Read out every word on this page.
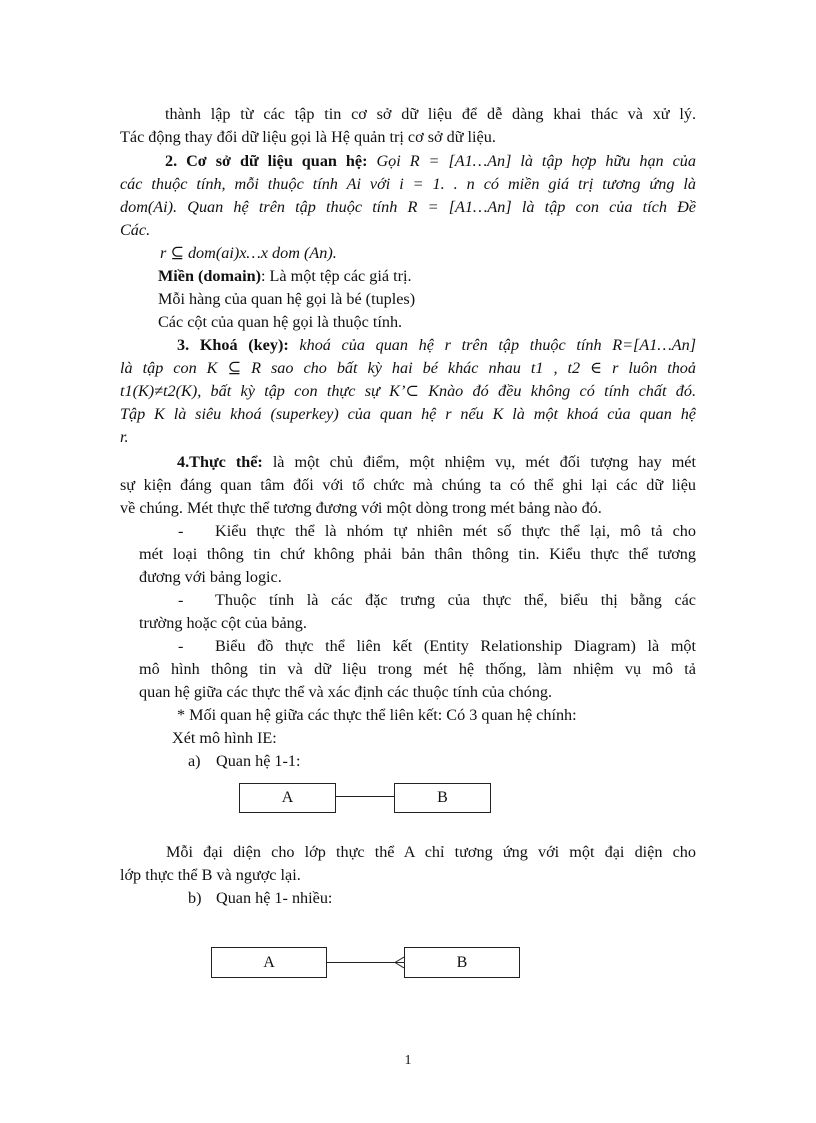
thành lập từ các tập tin cơ sở dữ liệu để dễ dàng khai thác và xử lý.
Tác động thay đổi dữ liệu gọi là Hệ quản trị cơ sở dữ liệu.
2. Cơ sở dữ liệu quan hệ: Gọi R = [A1…An] là tập hợp hữu hạn của
các thuộc tính, mỗi thuộc tính Ai với i = 1. . n có miền giá trị tương ứng là
dom(Ai). Quan hệ trên tập thuộc tính R = [A1…An] là tập con của tích Đề
Các.
r ⊆ dom(ai)x…x dom (An).
Miền (domain): Là một tệp các giá trị.
Mỗi hàng của quan hệ gọi là bé (tuples)
Các cột của quan hệ gọi là thuộc tính.
3. Khoá (key): khoá của quan hệ r trên tập thuộc tính R=[A1…An]
là tập con K ⊆ R sao cho bất kỳ hai bé khác nhau t1 , t2 ∈ r luôn thoả
t1(K)≠t2(K), bất kỳ tập con thực sự K’⊂ Knào đó đều không có tính chất đó.
Tập K là siêu khoá (superkey) của quan hệ r nếu K là một khoá của quan hệ
r.
4.Thực thể: là một chủ điểm, một nhiệm vụ, mét đối tượng hay mét
sự kiện đáng quan tâm đối với tổ chức mà chúng ta có thể ghi lại các dữ liệu
về chúng. Mét thực thể tương đương với một dòng trong mét bảng nào đó.
- Kiểu thực thể là nhóm tự nhiên mét số thực thể lại, mô tả cho
mét loại thông tin chứ không phải bản thân thông tin. Kiểu thực thể tương
đương với bảng logic.
- Thuộc tính là các đặc trưng của thực thể, biểu thị bằng các
trường hoặc cột của bảng.
- Biểu đồ thực thể liên kết (Entity Relationship Diagram) là một
mô hình thông tin và dữ liệu trong mét hệ thống, làm nhiệm vụ mô tả
quan hệ giữa các thực thể và xác định các thuộc tính của chóng.
* Mối quan hệ giữa các thực thể liên kết: Có 3 quan hệ chính:
Xét mô hình IE:
a) Quan hệ 1-1:
A	B
Mỗi đại diện cho lớp thực thể A chỉ tương ứng với một đại diện cho
lớp thực thể B và ngược lại.
b) Quan hệ 1- nhiều:
A	B
1
